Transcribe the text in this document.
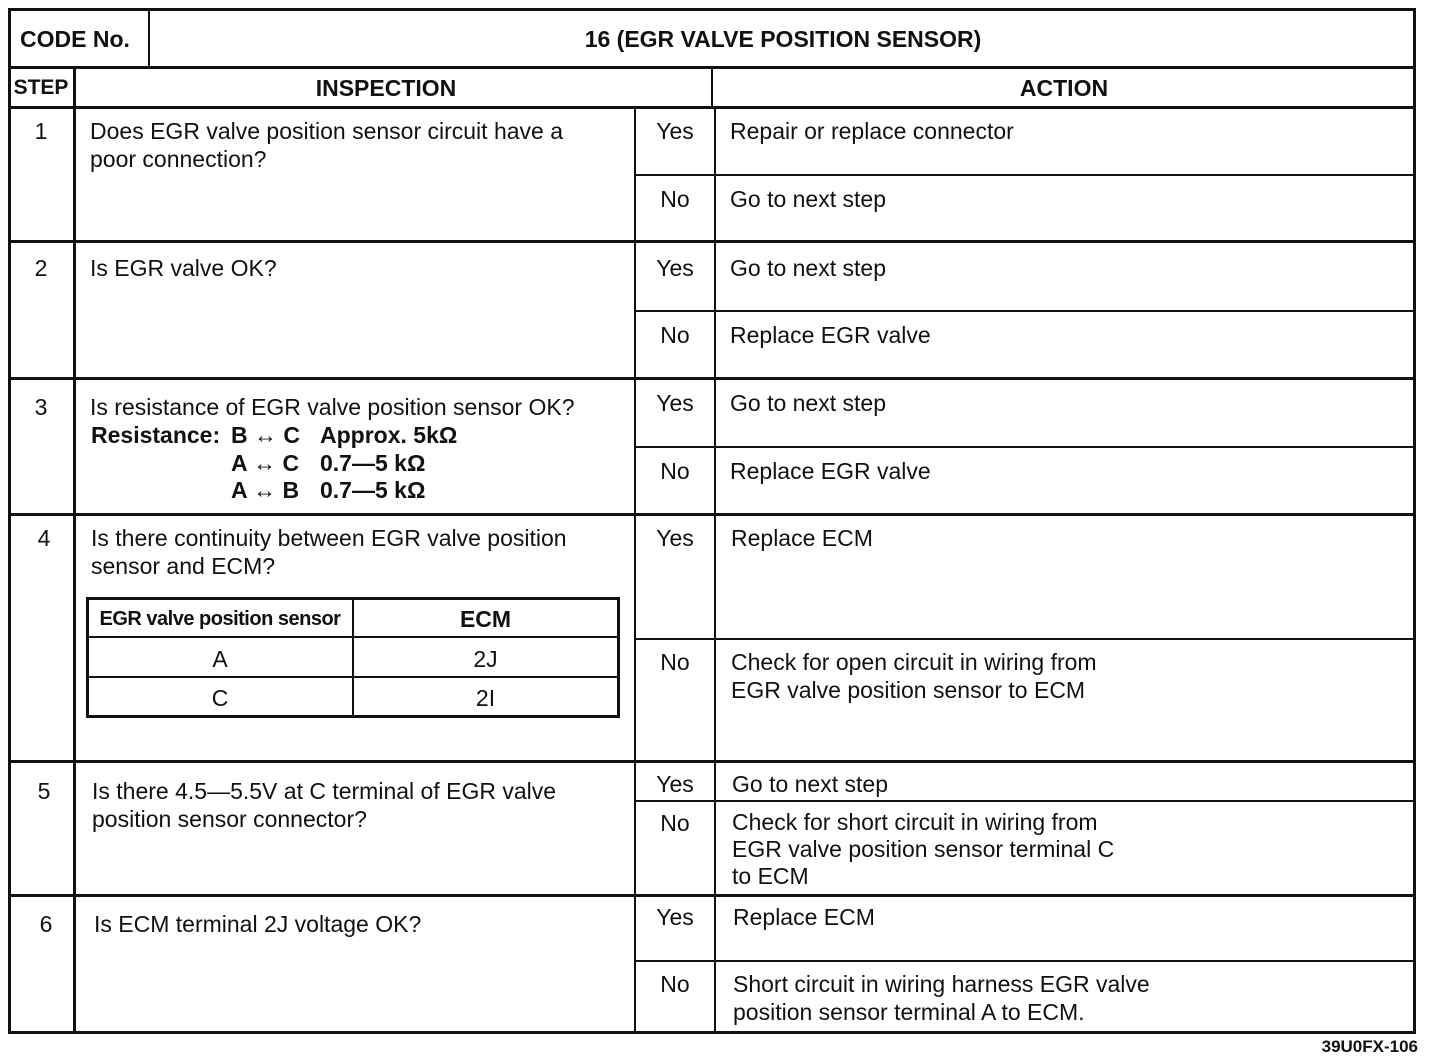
CODE No.	16 (EGR VALVE POSITION SENSOR)
STEP	INSPECTION	ACTION
1	Does EGR valve position sensor circuit have a
poor connection?
Yes	Repair or replace connector
No	Go to next step
2	Is EGR valve OK?	Yes	Go to next step
No	Replace EGR valve
3	Is resistance of EGR valve position sensor OK?
Resistance: B ↔ C Approx. 5kΩ
A ↔ C 0.7—5 kΩ
A ↔ B 0.7—5 kΩ
Yes	Go to next step
No	Replace EGR valve
4	Is there continuity between EGR valve position
sensor and ECM?
EGR valve position sensor	ECM
A	2J
C	2I
Yes	Replace ECM
No	Check for open circuit in wiring from
EGR valve position sensor to ECM
5	Is there 4.5—5.5V at C terminal of EGR valve
position sensor connector?
Yes	Go to next step
No	Check for short circuit in wiring from
EGR valve position sensor terminal C
to ECM
6	Is ECM terminal 2J voltage OK?	Yes	Replace ECM
No	Short circuit in wiring harness EGR valve
position sensor terminal A to ECM.
39U0FX-106
